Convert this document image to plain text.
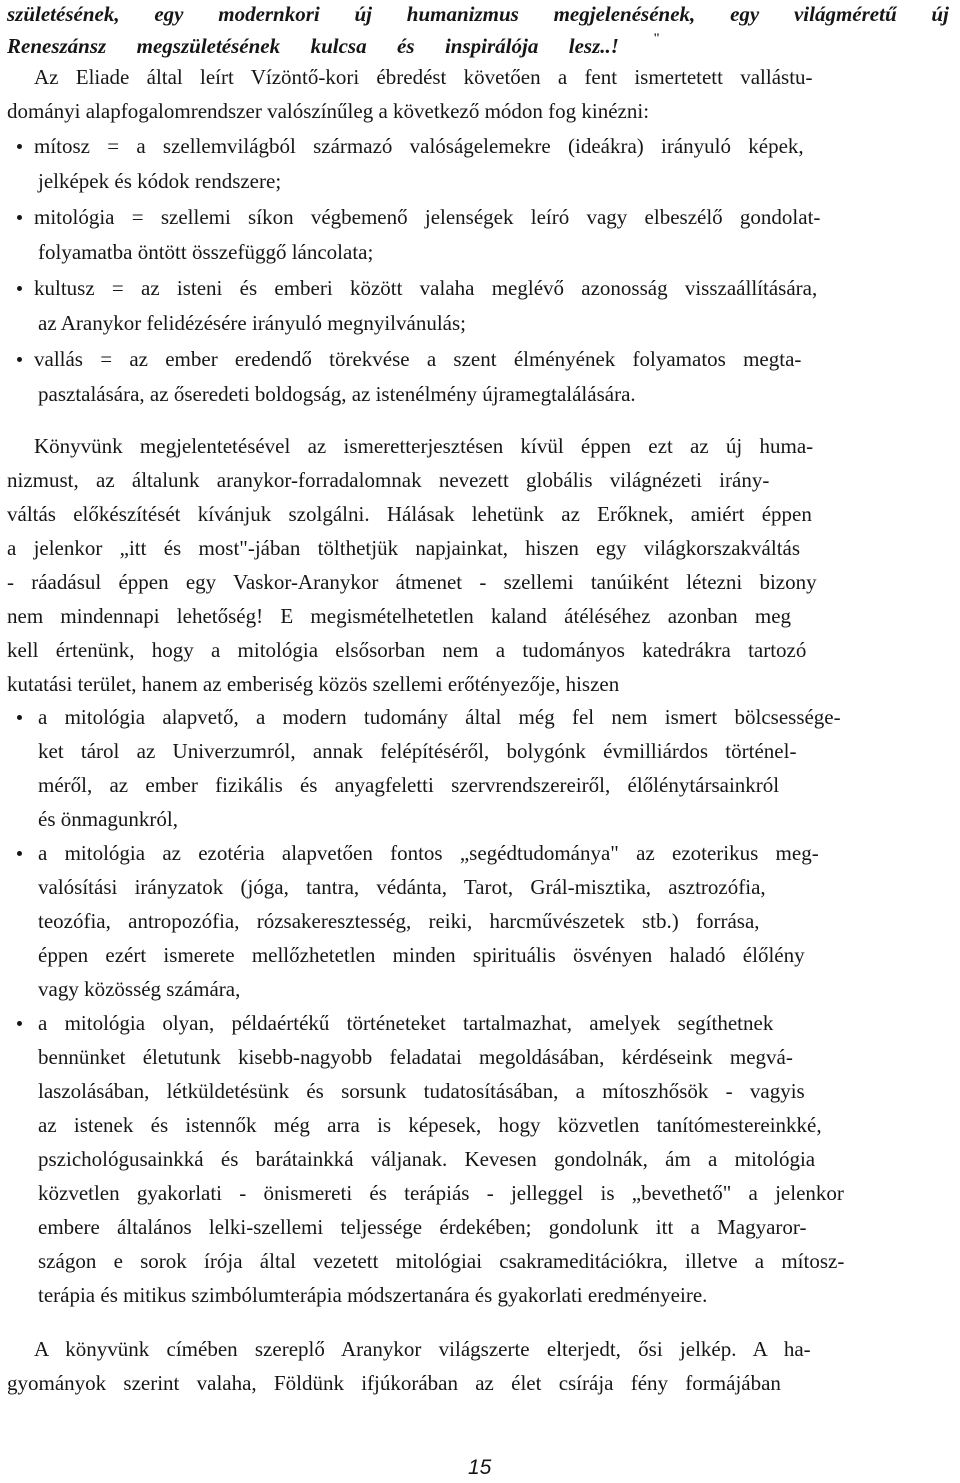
születésének, egy modernkori új humanizmus megjelenésének, egy világméretű új
Reneszánsz megszületésének kulcsa és inspirálója lesz..!	"

Az Eliade által leírt Vízöntő-kori ébredést követően a fent ismertetett vallástu-

dományi alapfogalomrendszer valószínűleg a következő módon fog kinézni:

mítosz = a szellemvilágból származó valóságelemekre (ideákra) irányuló képek,

jelképek és kódok rendszere;

mitológia = szellemi síkon végbemenő jelenségek leíró vagy elbeszélő gondolat-

folyamatba öntött összefüggő láncolata;

kultusz = az isteni és emberi között valaha meglévő azonosság visszaállítására,

az Aranykor felidézésére irányuló megnyilvánulás;

vallás = az ember eredendő törekvése a szent élményének folyamatos megta-

pasztalására, az őseredeti boldogság, az istenélmény újramegtalálására.

Könyvünk megjelentetésével az ismeretterjesztésen kívül éppen ezt az új huma-

nizmust, az általunk aranykor-forradalomnak nevezett globális világnézeti irány-

váltás előkészítését kívánjuk szolgálni. Hálásak lehetünk az Erőknek, amiért éppen

a jelenkor „itt és most"-jában tölthetjük napjainkat, hiszen egy világkorszakváltás

- ráadásul éppen egy Vaskor-Aranykor átmenet - szellemi tanúiként létezni bizony

nem mindennapi lehetőség! E megismételhetetlen kaland átéléséhez azonban meg

kell értenünk, hogy a mitológia elsősorban nem a tudományos katedrákra tartozó

kutatási terület, hanem az emberiség közös szellemi erőtényezője, hiszen

a mitológia alapvető, a modern tudomány által még fel nem ismert bölcsessége-

ket tárol az Univerzumról, annak felépítéséről, bolygónk évmilliárdos történel-

méről, az ember fizikális és anyagfeletti szervrendszereiről, élőlénytársainkról

és önmagunkról,

a mitológia az ezotéria alapvetően fontos „segédtudománya" az ezoterikus meg-

valósítási irányzatok (jóga, tantra, védánta, Tarot, Grál-misztika, asztrozófia,

teozófia, antropozófia, rózsakeresztesség, reiki, harcművészetek stb.) forrása,

éppen ezért ismerete mellőzhetetlen minden spirituális ösvényen haladó élőlény

vagy közösség számára,

a mitológia olyan, példaértékű történeteket tartalmazhat, amelyek segíthetnek

bennünket életutunk kisebb-nagyobb feladatai megoldásában, kérdéseink megvá-

laszolásában, létküldetésünk és sorsunk tudatosításában, a mítoszhősök - vagyis

az istenek és istennők még arra is képesek, hogy közvetlen tanítómestereinkké,

pszichológusainkká és barátainkká váljanak. Kevesen gondolnák, ám a mitológia

közvetlen gyakorlati - önismereti és terápiás - jelleggel is „bevethető" a jelenkor

embere általános lelki-szellemi teljessége érdekében; gondolunk itt a Magyaror-

szágon e sorok írója által vezetett mitológiai csakrameditációkra, illetve a mítosz-

terápia és mitikus szimbólumterápia módszertanára és gyakorlati eredményeire.

A könyvünk címében szereplő Aranykor világszerte elterjedt, ősi jelkép. A ha-

gyományok szerint valaha, Földünk ifjúkorában az élet csírája fény formájában

15
